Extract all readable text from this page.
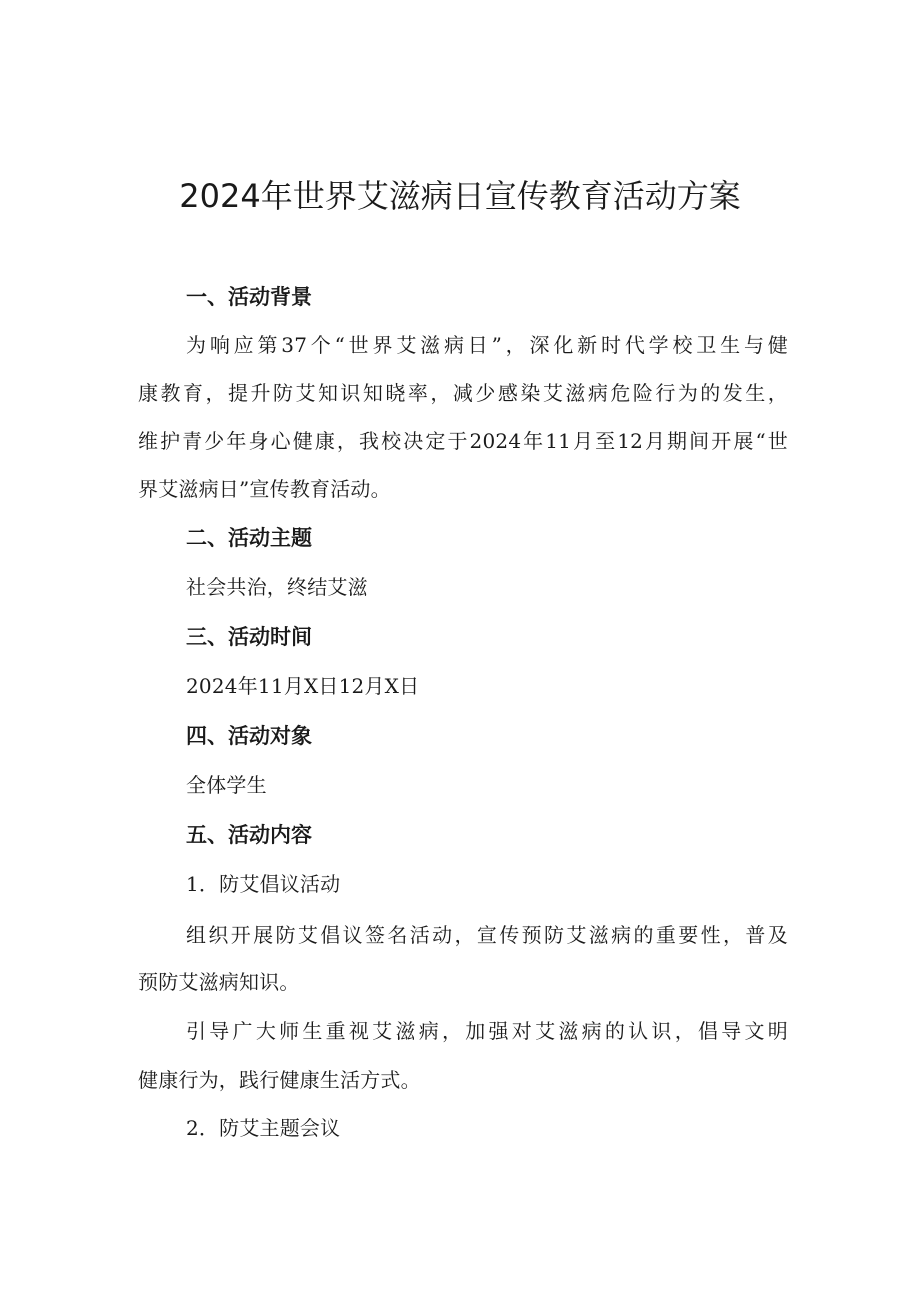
2024年世界艾滋病日宣传教育活动方案
一、活动背景
为响应第37个“世界艾滋病日”，深化新时代学校卫生与健
康教育，提升防艾知识知晓率，减少感染艾滋病危险行为的发生，
维护青少年身心健康，我校决定于2024年11月至12月期间开展“世
界艾滋病日”宣传教育活动。
二、活动主题
社会共治，终结艾滋
三、活动时间
2024年11月X日12月X日
四、活动对象
全体学生
五、活动内容
1．防艾倡议活动
组织开展防艾倡议签名活动，宣传预防艾滋病的重要性，普及
预防艾滋病知识。
引导广大师生重视艾滋病，加强对艾滋病的认识，倡导文明
健康行为，践行健康生活方式。
2．防艾主题会议
